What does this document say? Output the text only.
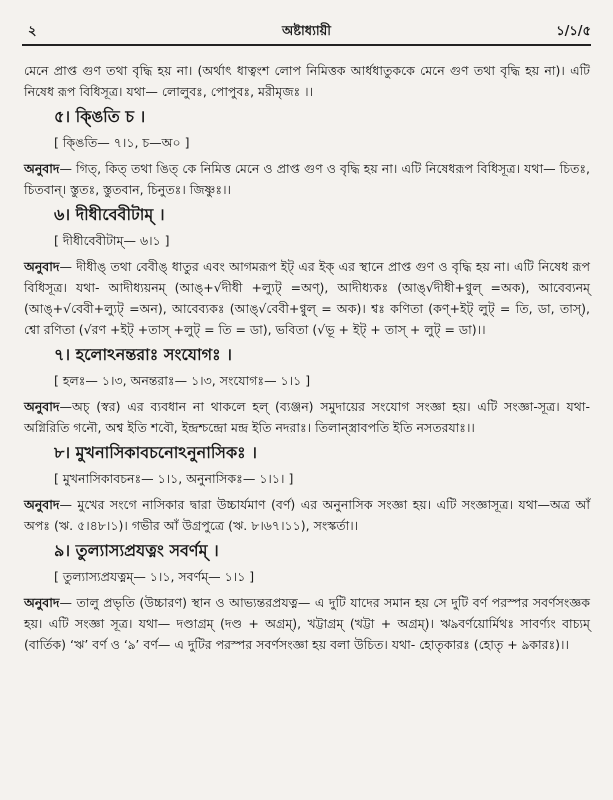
২	অষ্টাধ্যায়ী	১/১/৫

মেনে প্রাপ্ত গুণ তথা বৃদ্ধি হয় না। (অর্থাৎ ধাত্বংশ লোপ নিমিত্তক আর্ধধাতুককে মেনে গুণ তথা বৃদ্ধি হয় না)। এটি নিষেধ রূপ বিধিসূত্র। যথা— লোলুবঃ, পোপুবঃ, মরীমৃজঃ ।।

৫। ক্ঙিতি চ ।
[ ক্ঙিতি— ৭।১, চ—অ০ ]

অনুবাদ— গিত্‌, কিত্‌ তথা ঙিত্‌ কে নিমিত্ত মেনে ও প্রাপ্ত গুণ ও বৃদ্ধি হয় না। এটি নিষেধরূপ বিধিসূত্র। যথা— চিতঃ, চিতবান্‌। স্তুতঃ, স্তুতবান, চিনুতঃ। জিষ্ণুঃ।।

৬। দীধীবেবীটাম্‌ ।
[ দীধীবেবীটাম্‌— ৬।১ ]

অনুবাদ— দীধীঙ্‌ তথা বেবীঙ্‌ ধাতুর এবং আগমরূপ ইট্‌ এর ইক্‌ এর স্থানে প্রাপ্ত গুণ ও বৃদ্ধি হয় না। এটি নিষেধ রূপ বিধিসূত্র। যথা- আদীধ্যয়নম্‌ (আঙ্‌+√দীধী +ল্যুট্‌ =অণ্‌), আদীধ্যকঃ (আঙ্‌√দীধী+ণ্বুল্‌ =অক), আবেব্যনম্‌ (আঙ্‌+√বেবী+ল্যুট্‌ =অন), আবেব্যকঃ (আঙ্‌√বেবী+ণ্বুল্‌ = অক)। শ্বঃ কণিতা (কণ্‌+ইট্‌ লুট্‌ = তি, ডা, তাস্‌), শ্বো রণিতা (√রণ +ইট্‌ +তাস্‌ +লুট্‌ = তি = ডা), ভবিতা (√ভূ + ইট্‌ + তাস্‌ + লুট্‌ = ডা)।।

৭। হলোঽনন্তরাঃ সংযোগঃ ।
[ হলঃ— ১।৩, অনন্তরাঃ— ১।৩, সংযোগঃ— ১।১ ]

অনুবাদ—অচ্‌ (স্বর) এর ব্যবধান না থাকলে হল্‌ (ব্যঞ্জন) সমুদায়ের সংযোগ সংজ্ঞা হয়। এটি সংজ্ঞা-সূত্র। যথা-অগ্নিরিতি গনৌ, অশ্ব ইতি শবৌ, ইন্দ্রশ্চন্দ্রো মন্দ্র ইতি নদরাঃ। তিলান্‌স্ত্রাবপতি ইতি নসতরযাঃ।।

৮। মুখনাসিকাবচনোঽনুনাসিকঃ ।
[ মুখনাসিকাবচনঃ— ১।১, অনুনাসিকঃ— ১।১। ]

অনুবাদ— মুখের সংগে নাসিকার দ্বারা উচ্চার্যমাণ (বর্ণ) এর অনুনাসিক সংজ্ঞা হয়। এটি সংজ্ঞাসূত্র। যথা—অত্র আঁ অপঃ (ঋ. ৫।৪৮।১)। গভীর আঁ উগ্রপুত্রে (ঋ. ৮।৬৭।১১), সংস্কর্তা।।

৯। তুল্যাস্যপ্রযত্নং সবর্ণম্‌ ।
[ তুল্যাস্যপ্রযত্নম্‌— ১।১, সবর্ণম্‌— ১।১ ]

অনুবাদ— তালু প্রভৃতি (উচ্চারণ) স্থান ও আভ্যন্তরপ্রযত্ন— এ দুটি যাদের সমান হয় সে দুটি বর্ণ পরস্পর সবর্ণসংজ্ঞক হয়। এটি সংজ্ঞা সূত্র। যথা— দণ্ডাগ্রম্‌ (দণ্ড + অগ্রম্‌), খট্টাগ্রম্‌ (খট্টা + অগ্রম্‌)। ঋঌবর্ণয়োর্মিথঃ সাবর্ণ্যং বাচ্যম্‌ (বার্তিক) ‘ঋ’ বর্ণ ও ‘ঌ’ বর্ণ— এ দুটির পরস্পর সবর্ণসংজ্ঞা হয় বলা উচিত। যথা- হোতৃকারঃ (হোতৃ + ঌকারঃ)।।
